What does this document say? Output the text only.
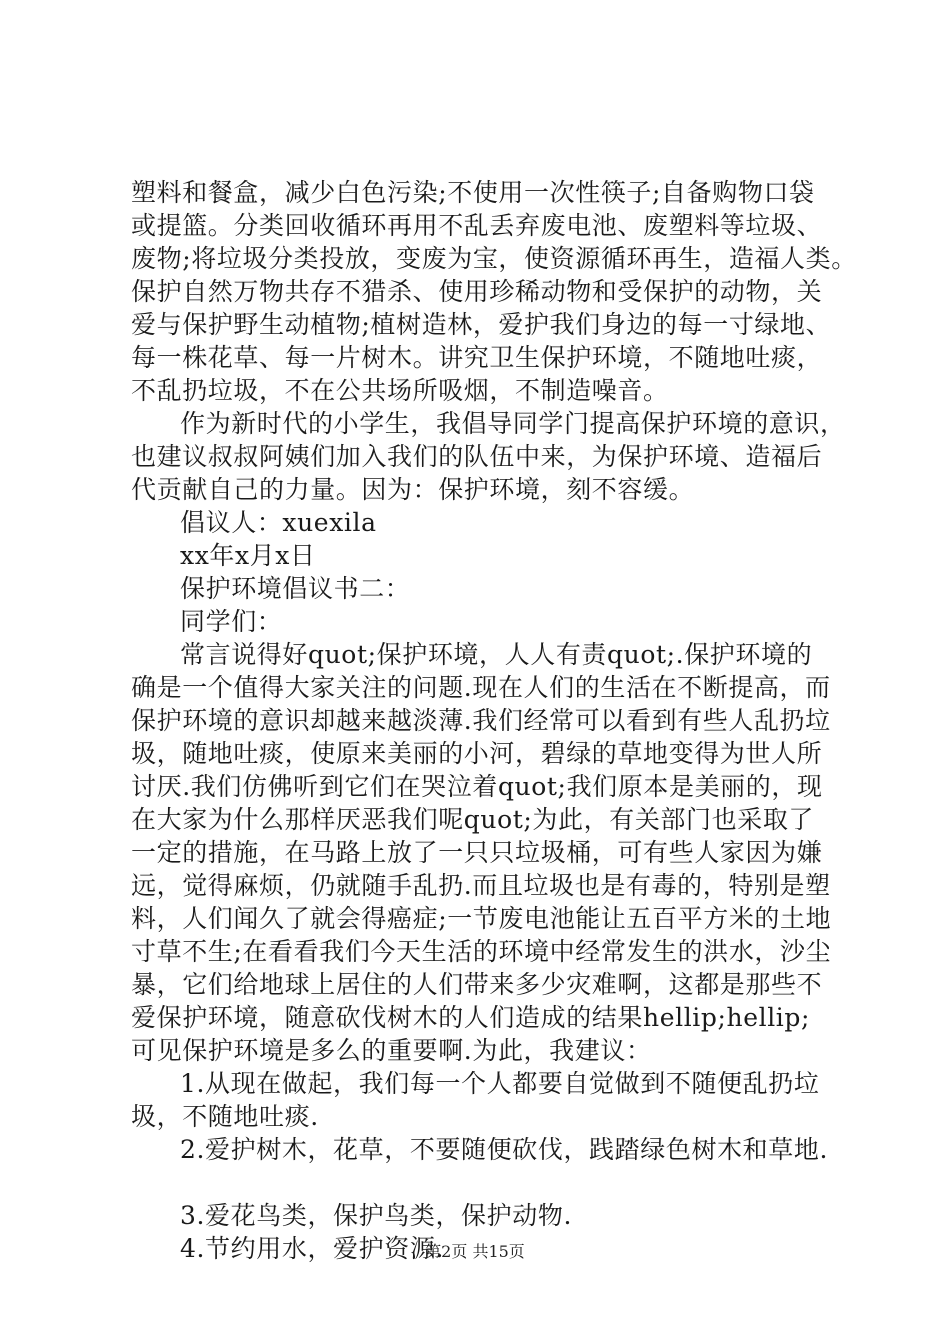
塑料和餐盒，减少白色污染;不使用一次性筷子;自备购物口袋
或提篮。分类回收循环再用不乱丢弃废电池、废塑料等垃圾、
废物;将垃圾分类投放，变废为宝，使资源循环再生，造福人类。
保护自然万物共存不猎杀、使用珍稀动物和受保护的动物，关
爱与保护野生动植物;植树造林，爱护我们身边的每一寸绿地、
每一株花草、每一片树木。讲究卫生保护环境，不随地吐痰，
不乱扔垃圾，不在公共场所吸烟，不制造噪音。
作为新时代的小学生，我倡导同学门提高保护环境的意识，
也建议叔叔阿姨们加入我们的队伍中来，为保护环境、造福后
代贡献自己的力量。因为：保护环境，刻不容缓。
倡议人：xuexila
xx年x月x日
保护环境倡议书二：
同学们：
常言说得好quot;保护环境，人人有责quot;.保护环境的
确是一个值得大家关注的问题.现在人们的生活在不断提高，而
保护环境的意识却越来越淡薄.我们经常可以看到有些人乱扔垃
圾，随地吐痰，使原来美丽的小河，碧绿的草地变得为世人所
讨厌.我们仿佛听到它们在哭泣着quot;我们原本是美丽的，现
在大家为什么那样厌恶我们呢quot;为此，有关部门也采取了
一定的措施，在马路上放了一只只垃圾桶，可有些人家因为嫌
远，觉得麻烦，仍就随手乱扔.而且垃圾也是有毒的，特别是塑
料，人们闻久了就会得癌症;一节废电池能让五百平方米的土地
寸草不生;在看看我们今天生活的环境中经常发生的洪水，沙尘
暴，它们给地球上居住的人们带来多少灾难啊，这都是那些不
爱保护环境，随意砍伐树木的人们造成的结果hellip;hellip;
可见保护环境是多么的重要啊.为此，我建议：
1.从现在做起，我们每一个人都要自觉做到不随便乱扔垃
圾，不随地吐痰.
2.爱护树木，花草，不要随便砍伐，践踏绿色树木和草地.
3.爱花鸟类，保护鸟类，保护动物.
4.节约用水，爱护资源.
第2页 共15页
